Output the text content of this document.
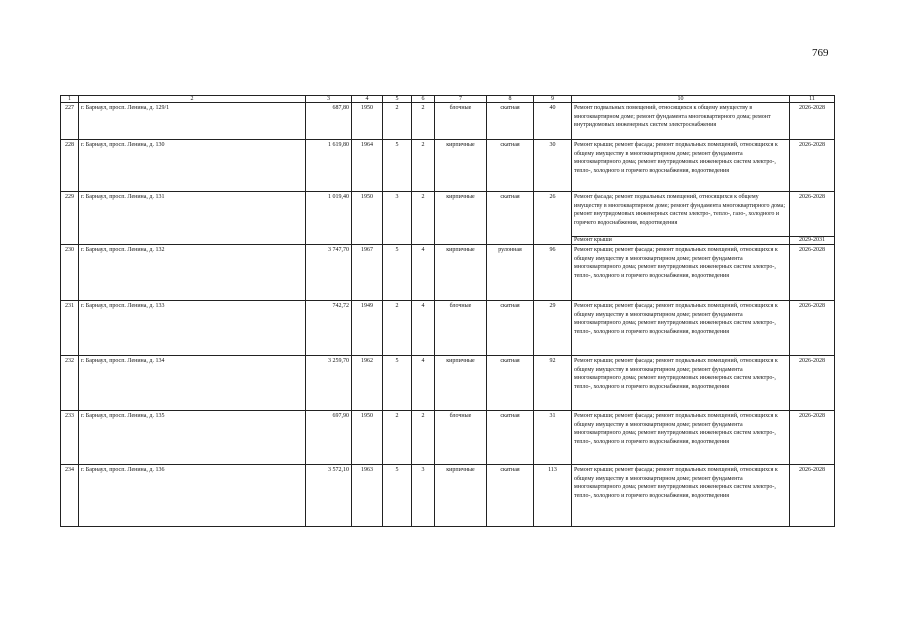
769
1	2	3	4	5	6	7	8	9	10	11
227	г. Барнаул, просп. Ленина, д. 129/1	687,80	1950	2	2	блочные	скатная	40	Ремонт подвальных помещений, относящихся к общему имуществу в многоквартирном доме; ремонт фундамента многоквартирного дома; ремонт внутридомовых инженерных систем электроснабжения	2026-2028
228	г. Барнаул, просп. Ленина, д. 130	1 619,80	1964	5	2	кирпичные	скатная	30	Ремонт крыши; ремонт фасада; ремонт подвальных помещений, относящихся к общему имуществу в многоквартирном доме; ремонт фундамента многоквартирного дома; ремонт внутридомовых инженерных систем электро-, тепло-, холодного и горячего водоснабжения, водоотведения	2026-2028
229	г. Барнаул, просп. Ленина, д. 131	1 019,40	1950	3	2	кирпичные	скатная	26	Ремонт фасада; ремонт подвальных помещений, относящихся к общему имуществу в многоквартирном доме; ремонт фундамента многоквартирного дома; ремонт внутридомовых инженерных систем электро-, тепло-, газо-, холодного и горячего водоснабжения, водоотведения	2026-2028
									Ремонт крыши	2029-2031
230	г. Барнаул, просп. Ленина, д. 132	3 747,70	1967	5	4	кирпичные	рулонная	96	Ремонт крыши; ремонт фасада; ремонт подвальных помещений, относящихся к общему имуществу в многоквартирном доме; ремонт фундамента многоквартирного дома; ремонт внутридомовых инженерных систем электро-, тепло-, холодного и горячего водоснабжения, водоотведения	2026-2028
231	г. Барнаул, просп. Ленина, д. 133	742,72	1949	2	4	блочные	скатная	29	Ремонт крыши; ремонт фасада; ремонт подвальных помещений, относящихся к общему имуществу в многоквартирном доме; ремонт фундамента многоквартирного дома; ремонт внутридомовых инженерных систем электро-, тепло-, холодного и горячего водоснабжения, водоотведения	2026-2028
232	г. Барнаул, просп. Ленина, д. 134	3 259,70	1962	5	4	кирпичные	скатная	92	Ремонт крыши; ремонт фасада; ремонт подвальных помещений, относящихся к общему имуществу в многоквартирном доме; ремонт фундамента многоквартирного дома; ремонт внутридомовых инженерных систем электро-, тепло-, холодного и горячего водоснабжения, водоотведения	2026-2028
233	г. Барнаул, просп. Ленина, д. 135	697,90	1950	2	2	блочные	скатная	31	Ремонт крыши; ремонт фасада; ремонт подвальных помещений, относящихся к общему имуществу в многоквартирном доме; ремонт фундамента многоквартирного дома; ремонт внутридомовых инженерных систем электро-, тепло-, холодного и горячего водоснабжения, водоотведения	2026-2028
234	г. Барнаул, просп. Ленина, д. 136	3 572,10	1963	5	3	кирпичные	скатная	113	Ремонт крыши; ремонт фасада; ремонт подвальных помещений, относящихся к общему имуществу в многоквартирном доме; ремонт фундамента многоквартирного дома; ремонт внутридомовых инженерных систем электро-, тепло-, холодного и горячего водоснабжения, водоотведения	2026-2028
